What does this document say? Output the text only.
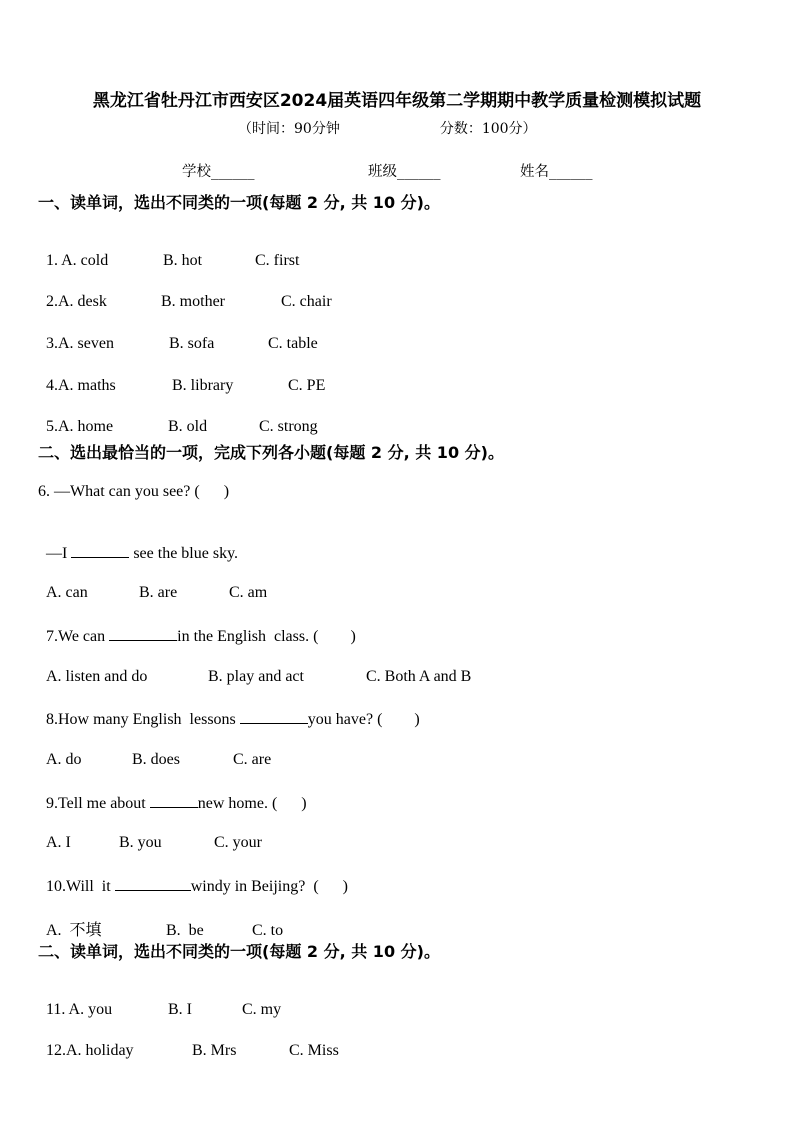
黑龙江省牡丹江市西安区2024届英语四年级第二学期期中教学质量检测模拟试题
（时间：90分钟	分数：100分）
学校______	班级______	姓名______
一、读单词，选出不同类的一项(每题 2 分, 共 10 分)。

1. A. cold	B. hot	C. first

2.A. desk	B. mother	C. chair

3.A. seven	B. sofa	C. table

4.A. maths	B. library	C. PE

5.A. home	B. old	C. strong

二、选出最恰当的一项，完成下列各小题(每题 2 分, 共 10 分)。
6. —What can you see? (      )

—I	see the blue sky.

A. can	B. are	C. am

7.We can	in the English  class. (        )

A. listen and do	B. play and act	C. Both A and B

8.How many English  lessons	you have? (        )

A. do	B. does	C. are

9.Tell me about	new home. (      )

A. I	B. you	C. your

10.Will  it	windy in Beijing?  (      )

A.  不填	B.  be	C. to

二、读单词，选出不同类的一项(每题 2 分, 共 10 分)。

11. A. you	B. I	C. my

12.A. holiday	B. Mrs	C. Miss
